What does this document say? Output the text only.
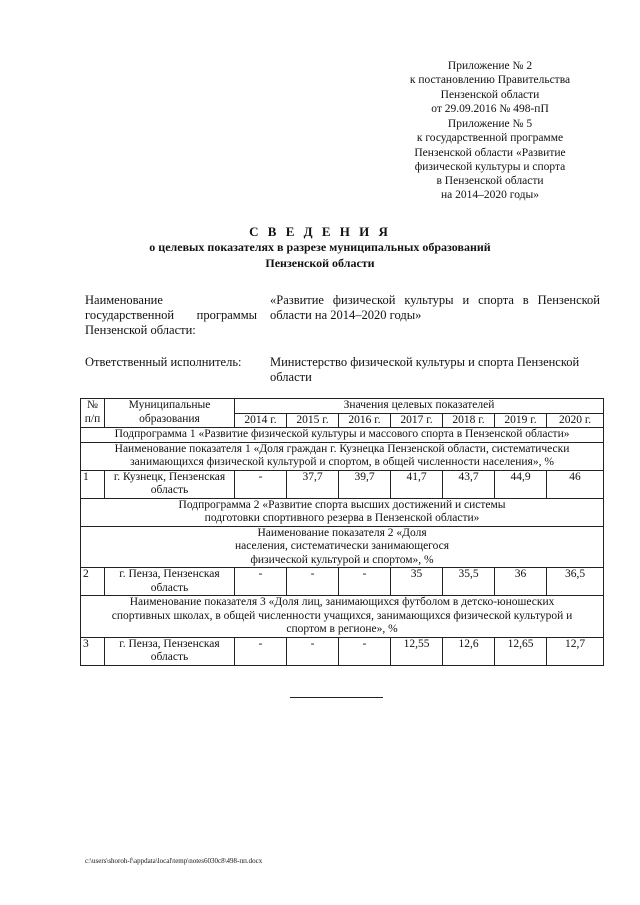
Приложение № 2
к постановлению Правительства
Пензенской области
от 29.09.2016 № 498-пП
Приложение № 5
к государственной программе
Пензенской области «Развитие
физической культуры и спорта
в Пензенской области
на 2014–2020 годы»
С В Е Д Е Н И Я
о целевых показателях в разрезе муниципальных образований
Пензенской области
Наименование
государственной программы
Пензенской области:
«Развитие физической культуры и спорта в Пензенской области на 2014–2020 годы»
Ответственный исполнитель: Министерство физической культуры и спорта Пензенской области
№ п/п	Муниципальные образования	Значения целевых показателей						
		2014 г.	2015 г.	2016 г.	2017 г.	2018 г.	2019 г.	2020 г.
Подпрограмма 1 «Развитие физической культуры и массового спорта в Пензенской области»								
Наименование показателя 1 «Доля граждан г. Кузнецка Пензенской области, систематически занимающихся физической культурой и спортом, в общей численности населения», %								
1	г. Кузнецк, Пензенская область	-	37,7	39,7	41,7	43,7	44,9	46
Подпрограмма 2 «Развитие спорта высших достижений и системы подготовки спортивного резерва в Пензенской области»								
Наименование показателя 2 «Доля населения, систематически занимающегося физической культурой и спортом», %								
2	г. Пенза, Пензенская область	-	-	-	35	35,5	36	36,5
Наименование показателя 3 «Доля лиц, занимающихся футболом в детско-юношеских спортивных школах, в общей численности учащихся, занимающихся физической культурой и спортом в регионе», %								
3	г. Пенза, Пензенская область	-	-	-	12,55	12,6	12,65	12,7
c:\users\shoroh-f\appdata\local\temp\notes6030c8\498-пп.docx
